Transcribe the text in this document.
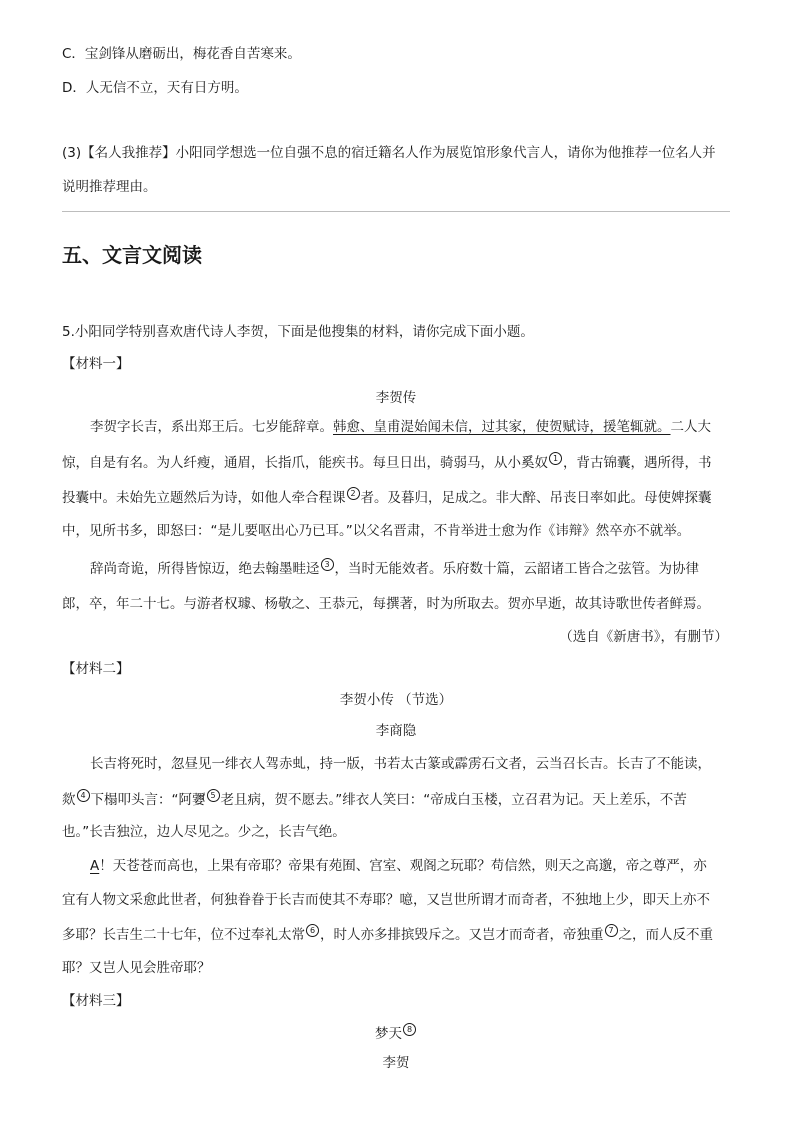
C．宝剑锋从磨砺出，梅花香自苦寒来。
D．人无信不立，天有日方明。
(3)【名人我推荐】小阳同学想选一位自强不息的宿迁籍名人作为展览馆形象代言人，请你为他推荐一位名人并
说明推荐理由。
五、文言文阅读
5.小阳同学特别喜欢唐代诗人李贺，下面是他搜集的材料，请你完成下面小题。
【材料一】
李贺传
李贺字长吉，系出郑王后。七岁能辞章。韩愈、皇甫湜始闻未信，过其家，使贺赋诗，援笔辄就。二人大
惊，自是有名。为人纤瘦，通眉，长指爪，能疾书。每旦日出，骑弱马，从小奚奴 1 ，背古锦囊，遇所得，书
投囊中。未始先立题然后为诗，如他人牵合程课 2 者。及暮归，足成之。非大醉、吊丧日率如此。母使婢探囊
中，见所书多，即怒曰：“是儿要呕出心乃已耳。”以父名晋肃，不肯举进士愈为作《讳辩》然卒亦不就举。
辞尚奇诡，所得皆惊迈，绝去翰墨畦迳 3 ，当时无能效者。乐府数十篇，云韶诸工皆合之弦管。为协律
郎，卒，年二十七。与游者权璩、杨敬之、王恭元，每撰著，时为所取去。贺亦早逝，故其诗歌世传者鲜焉。
（选自《新唐书》，有删节）
【材料二】
李贺小传 （节选）
李商隐
长吉将死时，忽昼见一绯衣人驾赤虬，持一版，书若太古篆或霹雳石文者，云当召长吉。长吉了不能读，
欻 4 下榻叩头言：“阿㜷 5 老且病，贺不愿去。”绯衣人笑曰：“帝成白玉楼，立召君为记。天上差乐，不苦
也。”长吉独泣，边人尽见之。少之，长吉气绝。
A！天苍苍而高也，上果有帝耶？帝果有苑囿、宫室、观阁之玩耶？苟信然，则天之高邈，帝之尊严，亦
宜有人物文采愈此世者，何独眷眷于长吉而使其不寿耶？噫，又岂世所谓才而奇者，不独地上少，即天上亦不
多耶？长吉生二十七年，位不过奉礼太常 6 ，时人亦多排摈毁斥之。又岂才而奇者，帝独重 7 之，而人反不重
耶？又岂人见会胜帝耶？
【材料三】
梦天 8
李贺
